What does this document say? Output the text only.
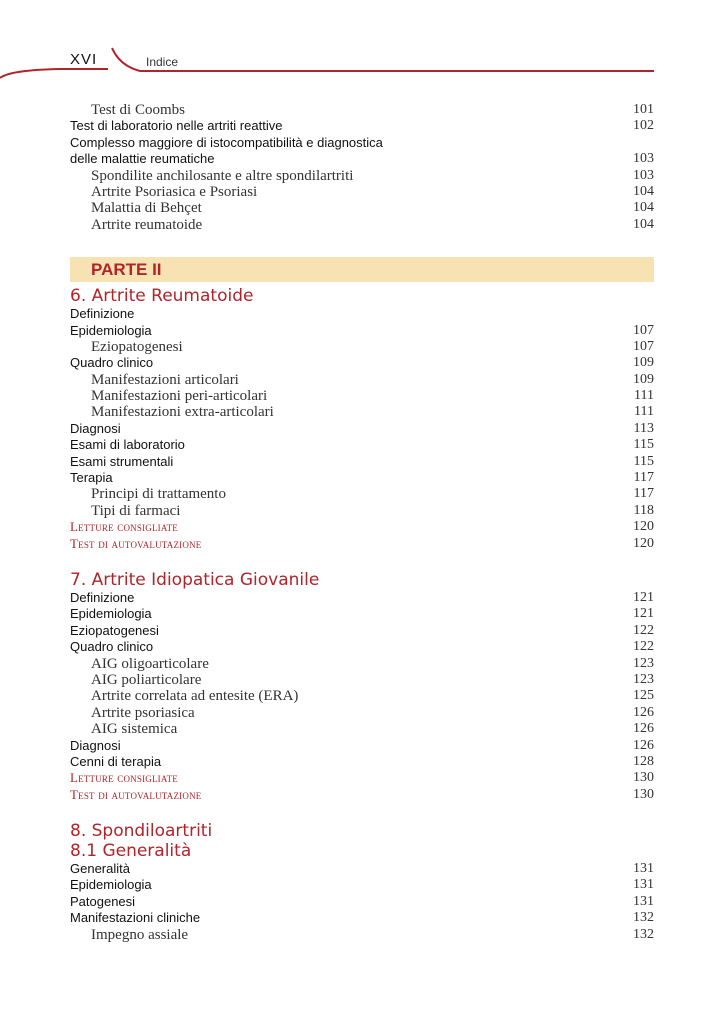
XVI	Indice
Test di Coombs	101
Test di laboratorio nelle artriti reattive	102
Complesso maggiore di istocompatibilità e diagnostica
delle malattie reumatiche	103
Spondilite anchilosante e altre spondilartriti	103
Artrite Psoriasica e Psoriasi	104
Malattia di Behçet	104
Artrite reumatoide	104
PARTE II
6. Artrite Reumatoide
Definizione
Epidemiologia	107
Eziopatogenesi	107
Quadro clinico	109
Manifestazioni articolari	109
Manifestazioni peri-articolari	111
Manifestazioni extra-articolari	111
Diagnosi	113
Esami di laboratorio	115
Esami strumentali	115
Terapia	117
Principi di trattamento	117
Tipi di farmaci	118
Letture consigliate	120
Test di autovalutazione	120
7. Artrite Idiopatica Giovanile
Definizione	121
Epidemiologia	121
Eziopatogenesi	122
Quadro clinico	122
AIG oligoarticolare	123
AIG poliarticolare	123
Artrite correlata ad entesite (ERA)	125
Artrite psoriasica	126
AIG sistemica	126
Diagnosi	126
Cenni di terapia	128
Letture consigliate	130
Test di autovalutazione	130
8. Spondiloartriti
8.1 Generalità
Generalità	131
Epidemiologia	131
Patogenesi	131
Manifestazioni cliniche	132
Impegno assiale	132
